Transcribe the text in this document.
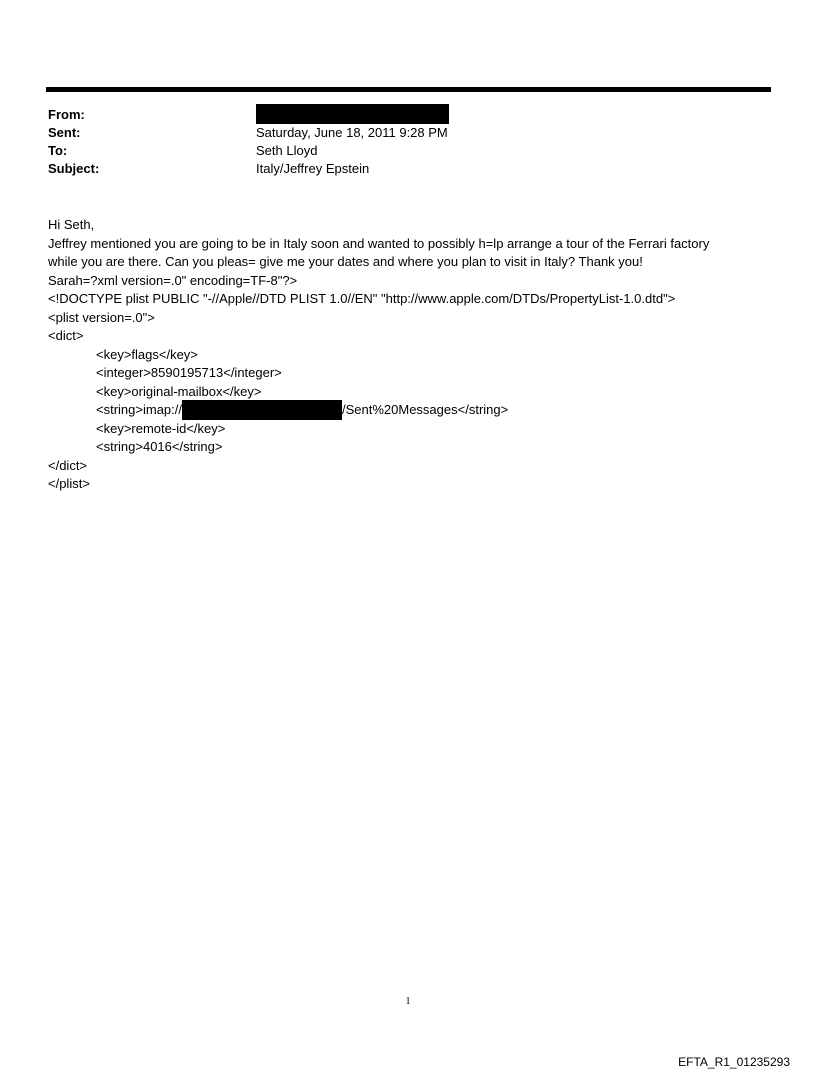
From:
Sent:	Saturday, June 18, 2011 9:28 PM
To:	Seth Lloyd
Subject:	Italy/Jeffrey Epstein
Hi Seth,
Jeffrey mentioned you are going to be in Italy soon and wanted to possibly h=lp arrange a tour of the Ferrari factory
while you are there. Can you pleas= give me your dates and where you plan to visit in Italy? Thank you!
Sarah=?xml version=.0" encoding=TF-8"?>
<!DOCTYPE plist PUBLIC "-//Apple//DTD PLIST 1.0//EN" "http://www.apple.com/DTDs/PropertyList-1.0.dtd">
<plist version=.0">
<dict>
<key>flags</key>
<integer>8590195713</integer>
<key>original-mailbox</key>
<string>imap://	/Sent%20Messages</string>
<key>remote-id</key>
<string>4016</string>
</dict>
</plist>
1
EFTA_R1_01235293
